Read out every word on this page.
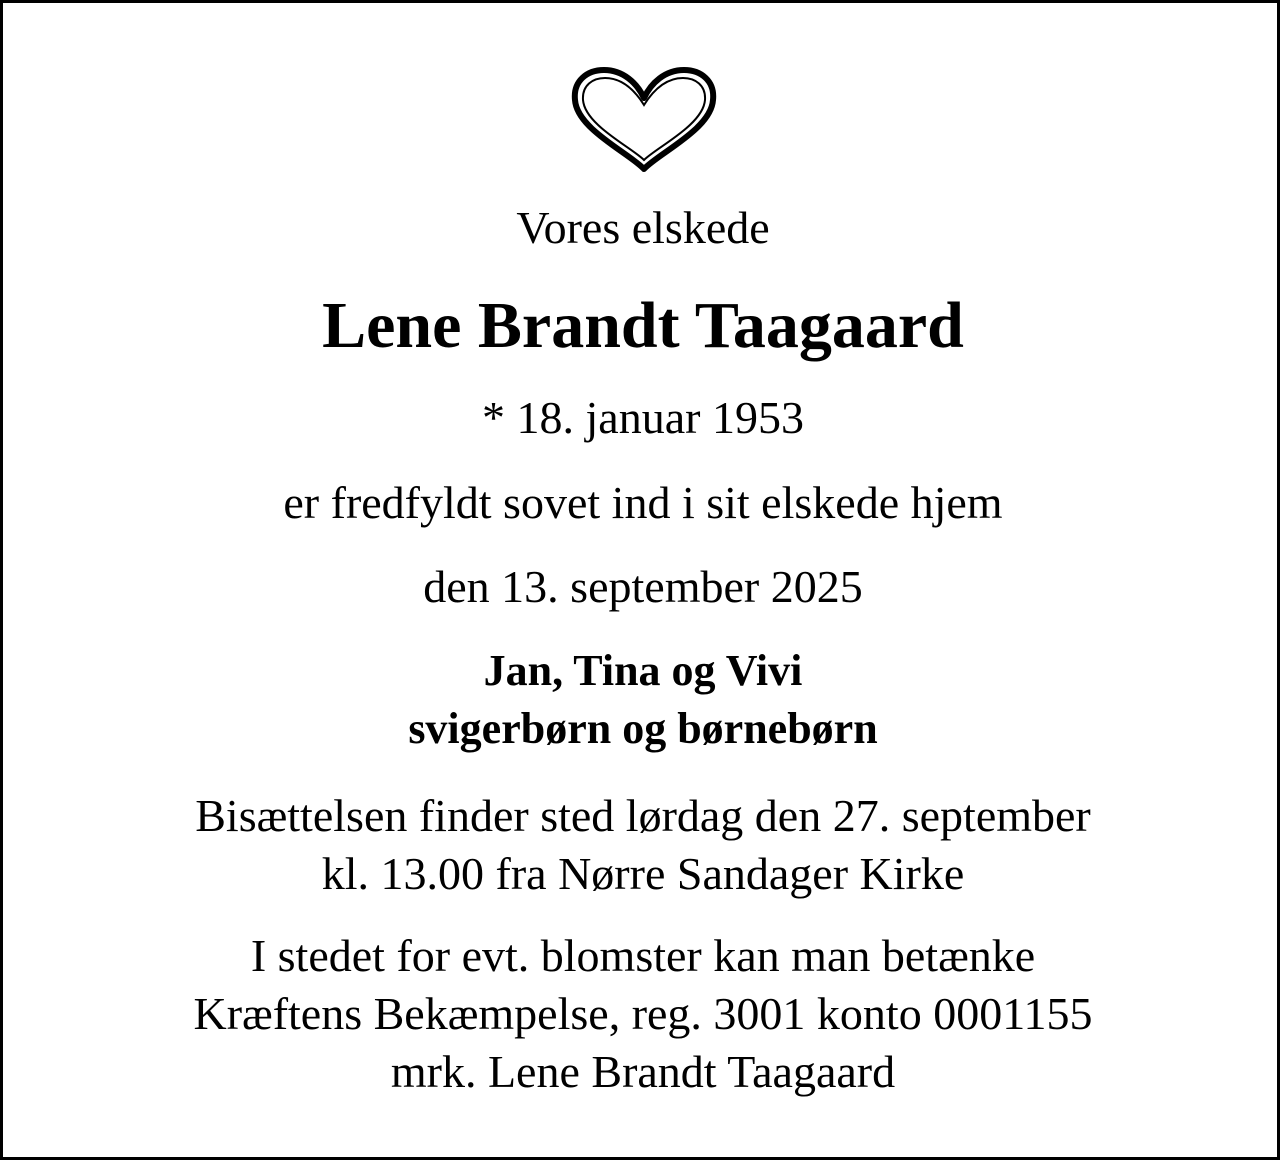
Vores elskede
Lene Brandt Taagaard
* 18. januar 1953
er fredfyldt sovet ind i sit elskede hjem
den 13. september 2025
Jan, Tina og Vivi
svigerbørn og børnebørn
Bisættelsen finder sted lørdag den 27. september
kl. 13.00 fra Nørre Sandager Kirke
I stedet for evt. blomster kan man betænke
Kræftens Bekæmpelse, reg. 3001 konto 0001155
mrk. Lene Brandt Taagaard
